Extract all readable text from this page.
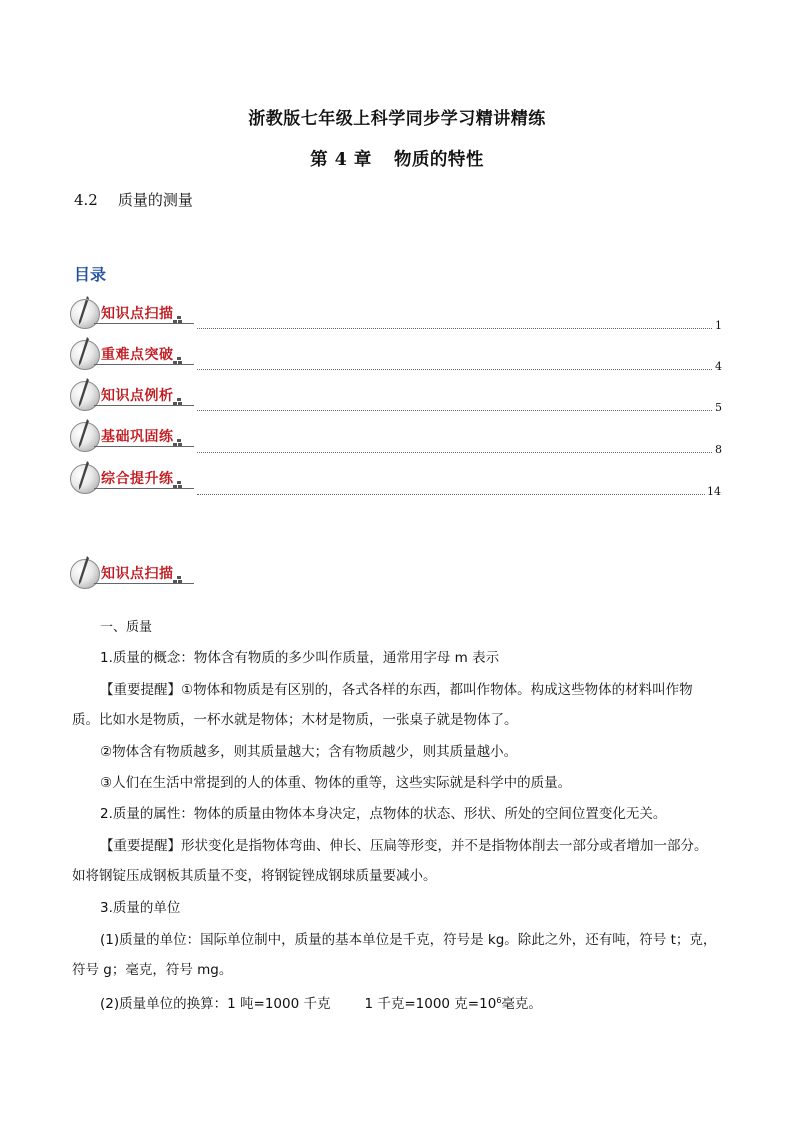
浙教版七年级上科学同步学习精讲精练
第 4 章 物质的特性
4.2 质量的测量
目录
知识点扫描
1
重难点突破
4
知识点例析
5
基础巩固练
8
综合提升练
14
知识点扫描
一、质量
1.质量的概念：物体含有物质的多少叫作质量，通常用字母 m 表示
【重要提醒】①物体和物质是有区别的，各式各样的东西，都叫作物体。构成这些物体的材料叫作物
质。比如水是物质，一杯水就是物体；木材是物质，一张桌子就是物体了。
②物体含有物质越多，则其质量越大；含有物质越少，则其质量越小。
③人们在生活中常提到的人的体重、物体的重等，这些实际就是科学中的质量。
2.质量的属性：物体的质量由物体本身决定，点物体的状态、形状、所处的空间位置变化无关。
【重要提醒】形状变化是指物体弯曲、伸长、压扁等形变，并不是指物体削去一部分或者增加一部分。
如将钢锭压成钢板其质量不变，将钢锭锉成钢球质量要减小。
3.质量的单位
(1)质量的单位：国际单位制中，质量的基本单位是千克，符号是 kg。除此之外，还有吨，符号 t；克，
符号 g；毫克，符号 mg。
(2)质量单位的换算：1 吨=1000 千克	1 千克=1000 克$=10^6$毫克。
